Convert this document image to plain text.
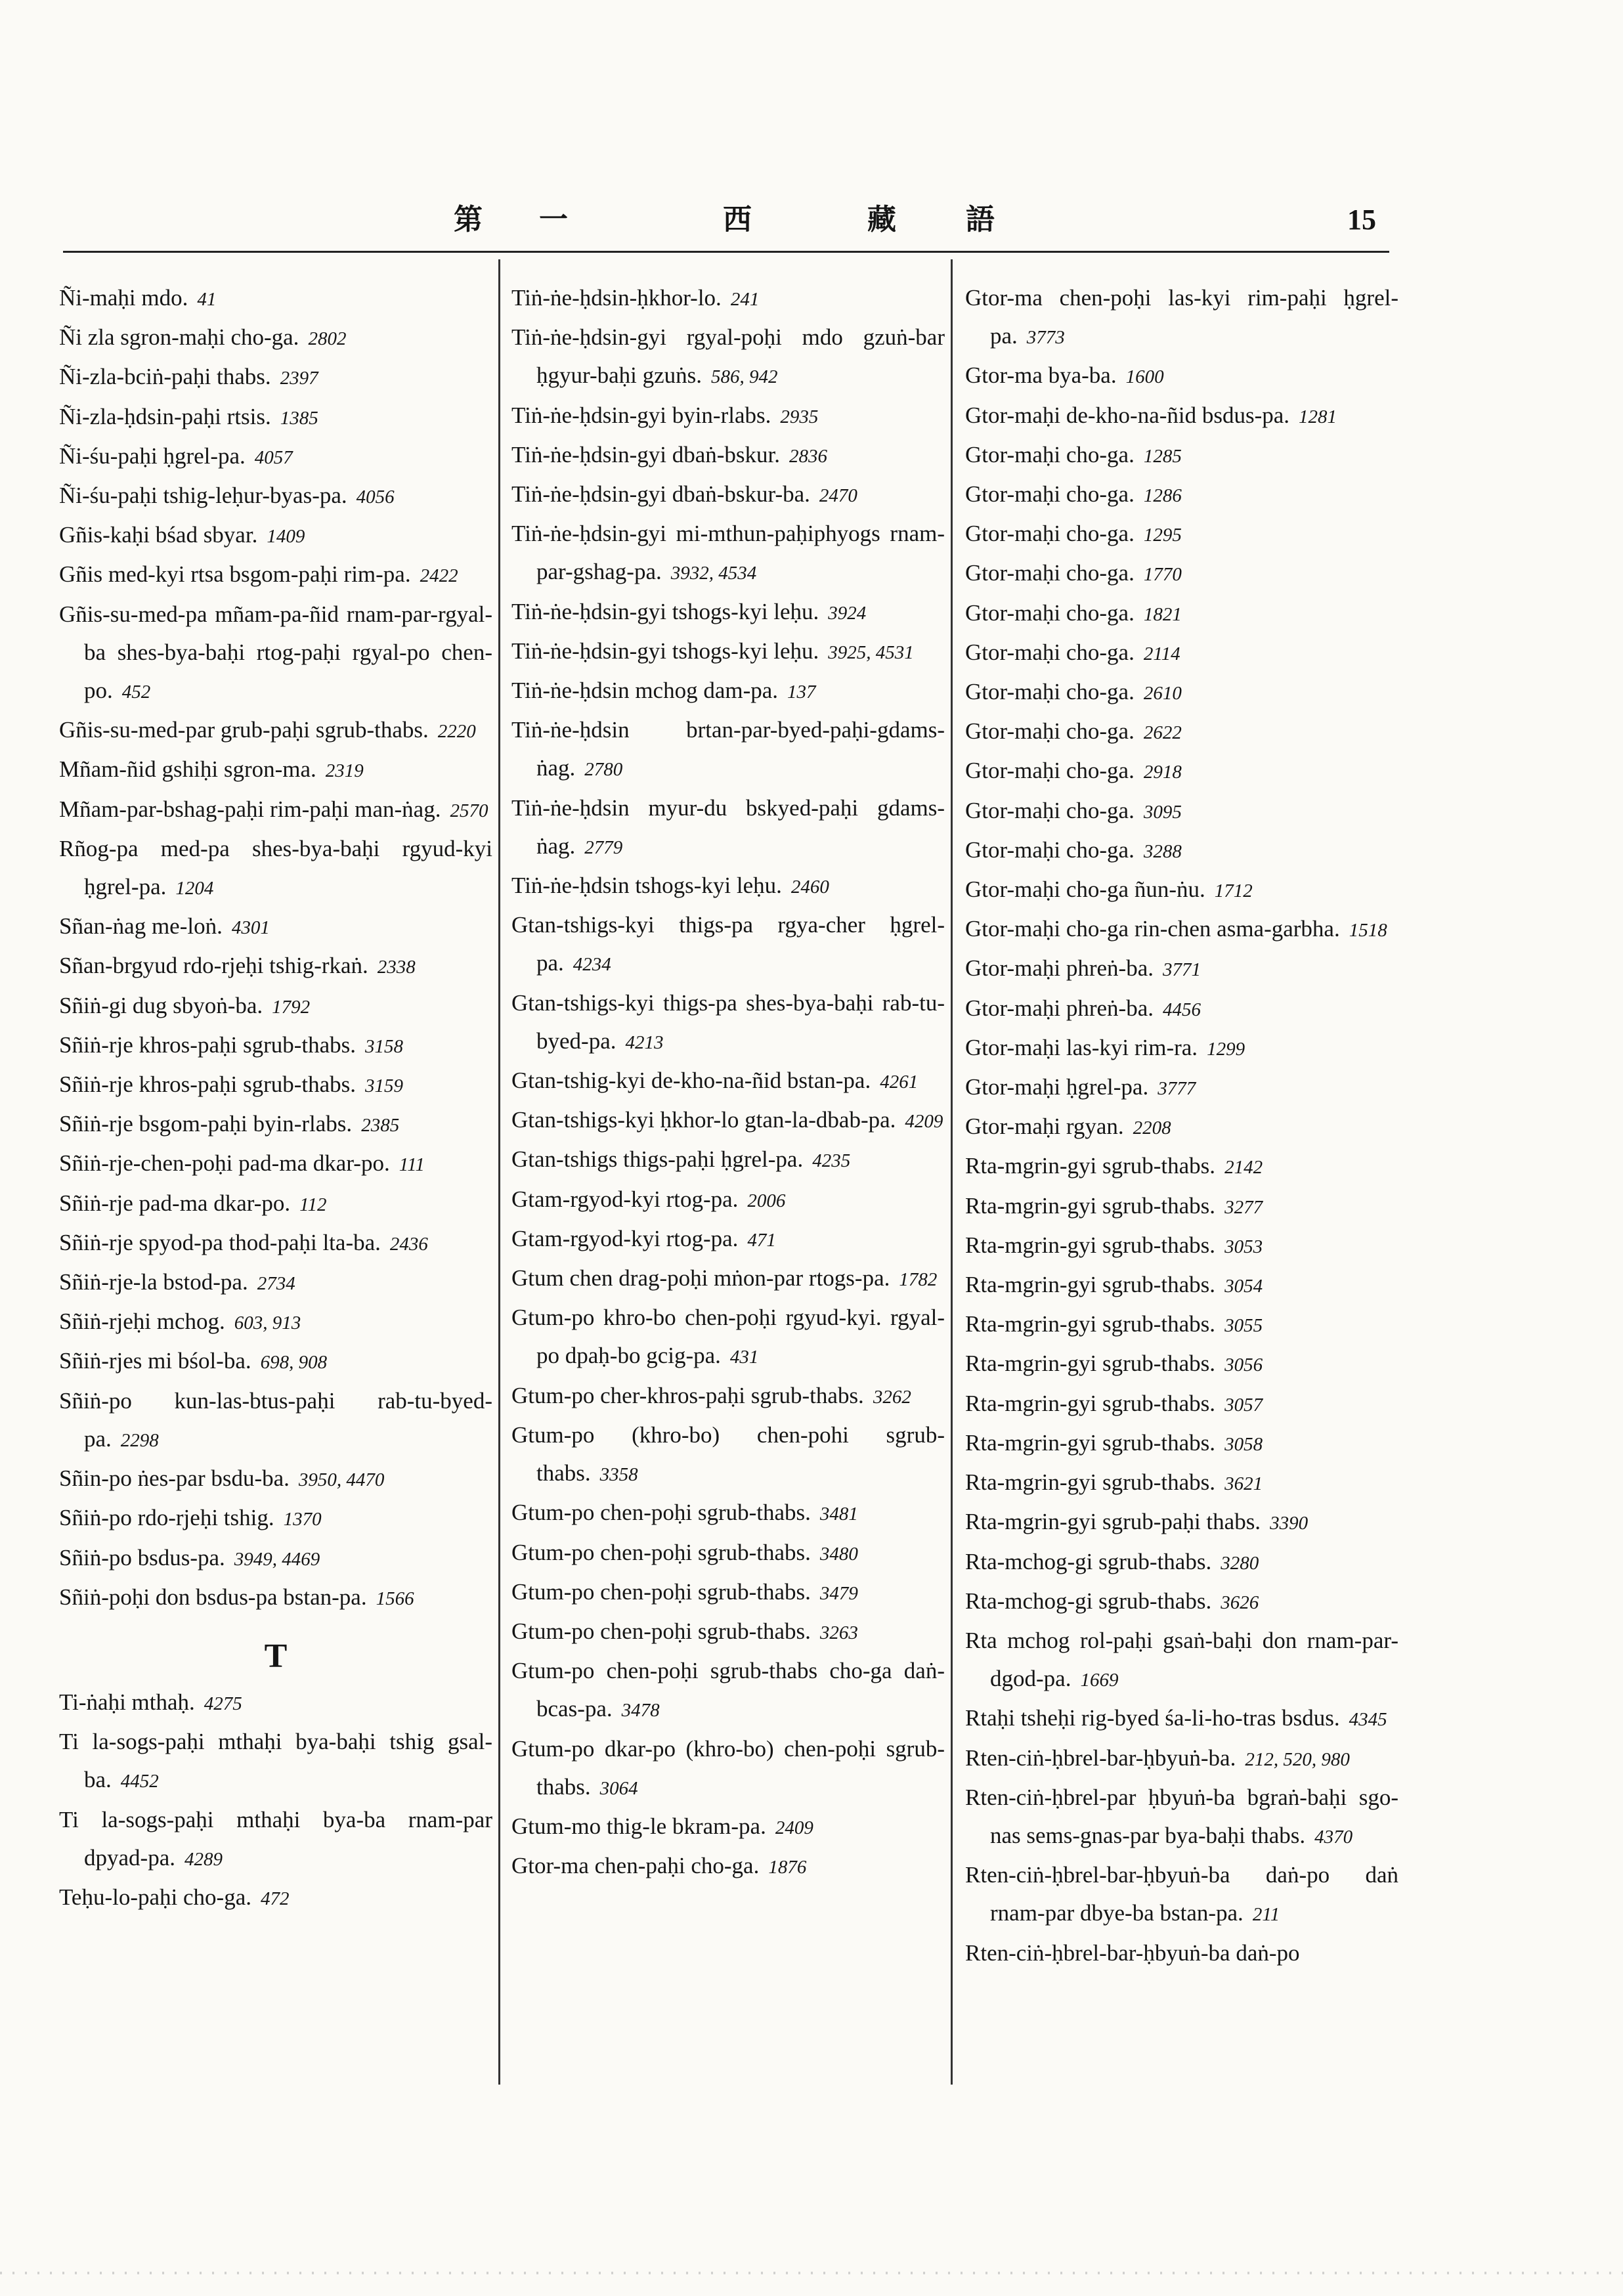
第 一	西	藏 語	15
Ñi-maḥi mdo. 41
Ñi zla sgron-maḥi cho-ga. 2802
Ñi-zla-bciṅ-paḥi thabs. 2397
Ñi-zla-ḥdsin-paḥi rtsis. 1385
Ñi-śu-paḥi ḥgrel-pa. 4057
Ñi-śu-paḥi tshig-leḥur-byas-pa. 4056
Gñis-kaḥi bśad sbyar. 1409
Gñis med-kyi rtsa bsgom-paḥi rim-pa. 2422
Gñis-su-med-pa mñam-pa-ñid rnam-par-rgyal-ba shes-bya-baḥi rtog-paḥi rgyal-po chen-po. 452
Gñis-su-med-par grub-paḥi sgrub-thabs. 2220
Mñam-ñid gshiḥi sgron-ma. 2319
Mñam-par-bshag-paḥi rim-paḥi man-ṅag. 2570
Rñog-pa med-pa shes-bya-baḥi rgyud-kyi ḥgrel-pa. 1204
Sñan-ṅag me-loṅ. 4301
Sñan-brgyud rdo-rjeḥi tshig-rkaṅ. 2338
Sñiṅ-gi dug sbyoṅ-ba. 1792
Sñiṅ-rje khros-paḥi sgrub-thabs. 3158
Sñiṅ-rje khros-paḥi sgrub-thabs. 3159
Sñiṅ-rje bsgom-paḥi byin-rlabs. 2385
Sñiṅ-rje-chen-poḥi pad-ma dkar-po. 111
Sñiṅ-rje pad-ma dkar-po. 112
Sñiṅ-rje spyod-pa thod-paḥi lta-ba. 2436
Sñiṅ-rje-la bstod-pa. 2734
Sñiṅ-rjeḥi mchog. 603, 913
Sñiṅ-rjes mi bśol-ba. 698, 908
Sñiṅ-po kun-las-btus-paḥi rab-tu-byed-pa. 2298
Sñin-po ṅes-par bsdu-ba. 3950, 4470
Sñiṅ-po rdo-rjeḥi tshig. 1370
Sñiṅ-po bsdus-pa. 3949, 4469
Sñiṅ-poḥi don bsdus-pa bstan-pa. 1566
T
Ti-ṅaḥi mthaḥ. 4275
Ti la-sogs-paḥi mthaḥi bya-baḥi tshig gsal-ba. 4452
Ti la-sogs-paḥi mthaḥi bya-ba rnam-par dpyad-pa. 4289
Teḥu-lo-paḥi cho-ga. 472
Tiṅ-ṅe-ḥdsin-ḥkhor-lo. 241
Tiṅ-ṅe-ḥdsin-gyi rgyal-poḥi mdo gzuṅ-bar ḥgyur-baḥi gzuṅs. 586, 942
Tiṅ-ṅe-ḥdsin-gyi byin-rlabs. 2935
Tiṅ-ṅe-ḥdsin-gyi dbaṅ-bskur. 2836
Tiṅ-ṅe-ḥdsin-gyi dbaṅ-bskur-ba. 2470
Tiṅ-ṅe-ḥdsin-gyi mi-mthun-paḥiphyogs rnam-par-gshag-pa. 3932, 4534
Tiṅ-ṅe-ḥdsin-gyi tshogs-kyi leḥu. 3924
Tiṅ-ṅe-ḥdsin-gyi tshogs-kyi leḥu. 3925, 4531
Tiṅ-ṅe-ḥdsin mchog dam-pa. 137
Tiṅ-ṅe-ḥdsin brtan-par-byed-paḥi-gdams-ṅag. 2780
Tiṅ-ṅe-ḥdsin myur-du bskyed-paḥi gdams-ṅag. 2779
Tiṅ-ṅe-ḥdsin tshogs-kyi leḥu. 2460
Gtan-tshigs-kyi thigs-pa rgya-cher ḥgrel-pa. 4234
Gtan-tshigs-kyi thigs-pa shes-bya-baḥi rab-tu-byed-pa. 4213
Gtan-tshig-kyi de-kho-na-ñid bstan-pa. 4261
Gtan-tshigs-kyi ḥkhor-lo gtan-la-dbab-pa. 4209
Gtan-tshigs thigs-paḥi ḥgrel-pa. 4235
Gtam-rgyod-kyi rtog-pa. 2006
Gtam-rgyod-kyi rtog-pa. 471
Gtum chen drag-poḥi mṅon-par rtogs-pa. 1782
Gtum-po khro-bo chen-poḥi rgyud-kyi. rgyal-po dpaḥ-bo gcig-pa. 431
Gtum-po cher-khros-paḥi sgrub-thabs. 3262
Gtum-po (khro-bo) chen-pohi sgrub-thabs. 3358
Gtum-po chen-poḥi sgrub-thabs. 3481
Gtum-po chen-poḥi sgrub-thabs. 3480
Gtum-po chen-poḥi sgrub-thabs. 3479
Gtum-po chen-poḥi sgrub-thabs. 3263
Gtum-po chen-poḥi sgrub-thabs cho-ga daṅ-bcas-pa. 3478
Gtum-po dkar-po (khro-bo) chen-poḥi sgrub-thabs. 3064
Gtum-mo thig-le bkram-pa. 2409
Gtor-ma chen-paḥi cho-ga. 1876
Gtor-ma chen-poḥi las-kyi rim-paḥi ḥgrel-pa. 3773
Gtor-ma bya-ba. 1600
Gtor-maḥi de-kho-na-ñid bsdus-pa. 1281
Gtor-maḥi cho-ga. 1285
Gtor-maḥi cho-ga. 1286
Gtor-maḥi cho-ga. 1295
Gtor-maḥi cho-ga. 1770
Gtor-maḥi cho-ga. 1821
Gtor-maḥi cho-ga. 2114
Gtor-maḥi cho-ga. 2610
Gtor-maḥi cho-ga. 2622
Gtor-maḥi cho-ga. 2918
Gtor-maḥi cho-ga. 3095
Gtor-maḥi cho-ga. 3288
Gtor-maḥi cho-ga ñun-ṅu. 1712
Gtor-maḥi cho-ga rin-chen asma-garbha. 1518
Gtor-maḥi phreṅ-ba. 3771
Gtor-maḥi phreṅ-ba. 4456
Gtor-maḥi las-kyi rim-ra. 1299
Gtor-maḥi ḥgrel-pa. 3777
Gtor-maḥi rgyan. 2208
Rta-mgrin-gyi sgrub-thabs. 2142
Rta-mgrin-gyi sgrub-thabs. 3277
Rta-mgrin-gyi sgrub-thabs. 3053
Rta-mgrin-gyi sgrub-thabs. 3054
Rta-mgrin-gyi sgrub-thabs. 3055
Rta-mgrin-gyi sgrub-thabs. 3056
Rta-mgrin-gyi sgrub-thabs. 3057
Rta-mgrin-gyi sgrub-thabs. 3058
Rta-mgrin-gyi sgrub-thabs. 3621
Rta-mgrin-gyi sgrub-paḥi thabs. 3390
Rta-mchog-gi sgrub-thabs. 3280
Rta-mchog-gi sgrub-thabs. 3626
Rta mchog rol-paḥi gsaṅ-baḥi don rnam-par-dgod-pa. 1669
Rtaḥi tsheḥi rig-byed śa-li-ho-tras bsdus. 4345
Rten-ciṅ-ḥbrel-bar-ḥbyuṅ-ba. 212, 520, 980
Rten-ciṅ-ḥbrel-par ḥbyuṅ-ba bgraṅ-baḥi sgo-nas sems-gnas-par bya-baḥi thabs. 4370
Rten-ciṅ-ḥbrel-bar-ḥbyuṅ-ba daṅ-po daṅ rnam-par dbye-ba bstan-pa. 211
Rten-ciṅ-ḥbrel-bar-ḥbyuṅ-ba daṅ-po
